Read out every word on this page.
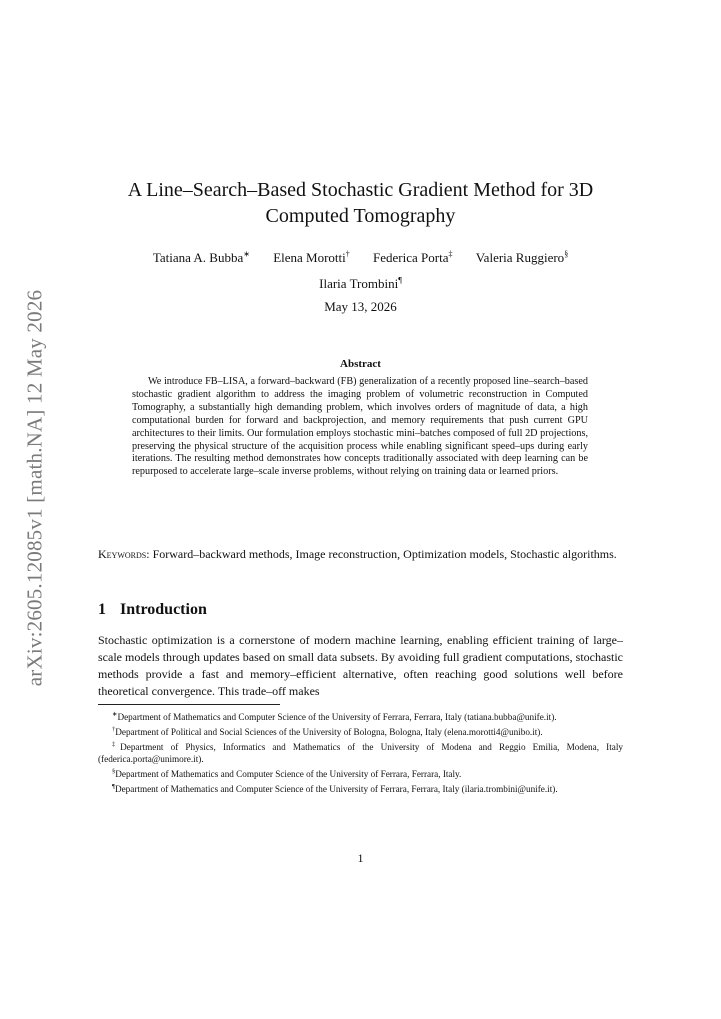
arXiv:2605.12085v1 [math.NA] 12 May 2026
A Line–Search–Based Stochastic Gradient Method for 3D Computed Tomography
Tatiana A. Bubba∗ Elena Morotti† Federica Porta‡ Valeria Ruggiero§
Ilaria Trombini¶
May 13, 2026
Abstract

We introduce FB–LISA, a forward–backward (FB) generalization of a recently proposed line–search–based stochastic gradient algorithm to address the imaging problem of volumetric reconstruction in Computed Tomography, a substantially high demanding problem, which involves orders of magnitude of data, a high computational burden for forward and backprojection, and memory requirements that push current GPU architectures to their limits. Our formulation employs stochastic mini–batches composed of full 2D projections, preserving the physical structure of the acquisition process while enabling significant speed–ups during early iterations. The resulting method demonstrates how concepts traditionally associated with deep learning can be repurposed to accelerate large–scale inverse problems, without relying on training data or learned priors.

Keywords: Forward–backward methods, Image reconstruction, Optimization models, Stochastic algorithms.

1 Introduction

Stochastic optimization is a cornerstone of modern machine learning, enabling efficient training of large–scale models through updates based on small data subsets. By avoiding full gradient computations, stochastic methods provide a fast and memory–efficient alternative, often reaching good solutions well before theoretical convergence. This trade–off makes

∗Department of Mathematics and Computer Science of the University of Ferrara, Ferrara, Italy (tatiana.bubba@unife.it).

†Department of Political and Social Sciences of the University of Bologna, Bologna, Italy (elena.morotti4@unibo.it).

‡Department of Physics, Informatics and Mathematics of the University of Modena and Reggio Emilia, Modena, Italy (federica.porta@unimore.it).

§Department of Mathematics and Computer Science of the University of Ferrara, Ferrara, Italy.

¶Department of Mathematics and Computer Science of the University of Ferrara, Ferrara, Italy (ilaria.trombini@unife.it).

1
